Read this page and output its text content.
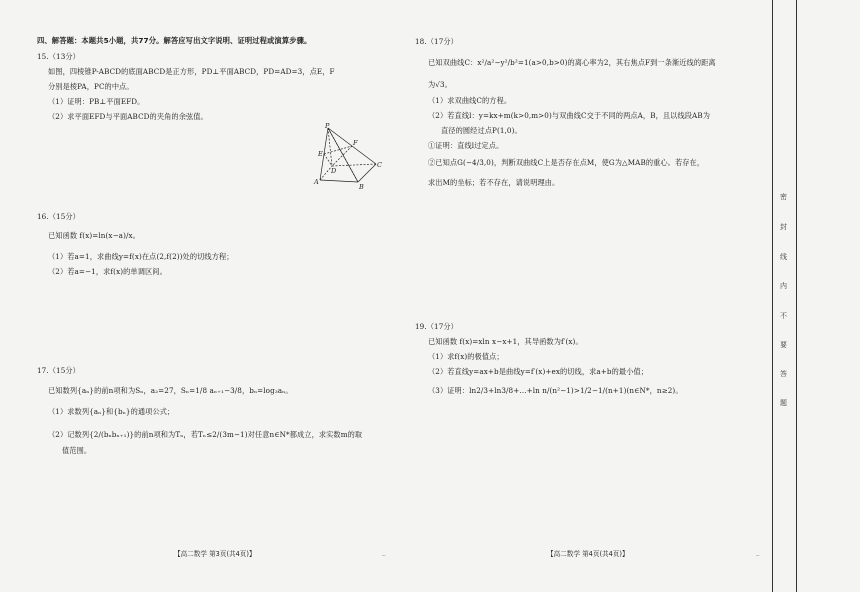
四、解答题：本题共5小题，共77分。解答应写出文字说明、证明过程或演算步骤。
15.（13分）
如图，四棱锥P-ABCD的底面ABCD是正方形，PD⊥平面ABCD，PD=AD=3，点E，F
分别是棱PA，PC的中点。
（1）证明：PB⊥平面EFD。
（2）求平面EFD与平面ABCD的夹角的余弦值。
P
E
F
D
C
A
B
16.（15分）
已知函数 f(x)=ln(x−a)/x。
（1）若a=1，求曲线y=f(x)在点(2,f(2))处的切线方程；
（2）若a=−1，求f(x)的单调区间。
17.（15分）
已知数列{aₙ}的前n项和为Sₙ，a₂=27，Sₙ=1/8 aₙ₊₁−3/8，bₙ=log₃aₙ。
（1）求数列{aₙ}和{bₙ}的通项公式；
（2）记数列{2/(bₙbₙ₊₁)}的前n项和为Tₙ，若Tₙ≤2/(3m−1)对任意n∈N*都成立，求实数m的取
值范围。
【高二数学 第3页(共4页)】	_
18.（17分）
已知双曲线C：x²/a²−y²/b²=1(a>0,b>0)的离心率为2，其右焦点F到一条渐近线的距离
为√3。
（1）求双曲线C的方程。
（2）若直线l：y=kx+m(k>0,m>0)与双曲线C交于不同的两点A，B，且以线段AB为
直径的圆经过点P(1,0)。
①证明：直线l过定点。
②已知点G(−4/3,0)，判断双曲线C上是否存在点M，使G为△MAB的重心。若存在，
求出M的坐标；若不存在，请说明理由。
19.（17分）
已知函数 f(x)=xln x−x+1，其导函数为f′(x)。
（1）求f(x)的极值点；
（2）若直线y=ax+b是曲线y=f′(x)+ex的切线，求a+b的最小值；
（3）证明：ln2/3+ln3/8+…+ln n/(n²−1)>1/2−1/(n+1)(n∈N*，n≥2)。
【高二数学 第4页(共4页)】	_
密
封
线
内
不
要
答
题
